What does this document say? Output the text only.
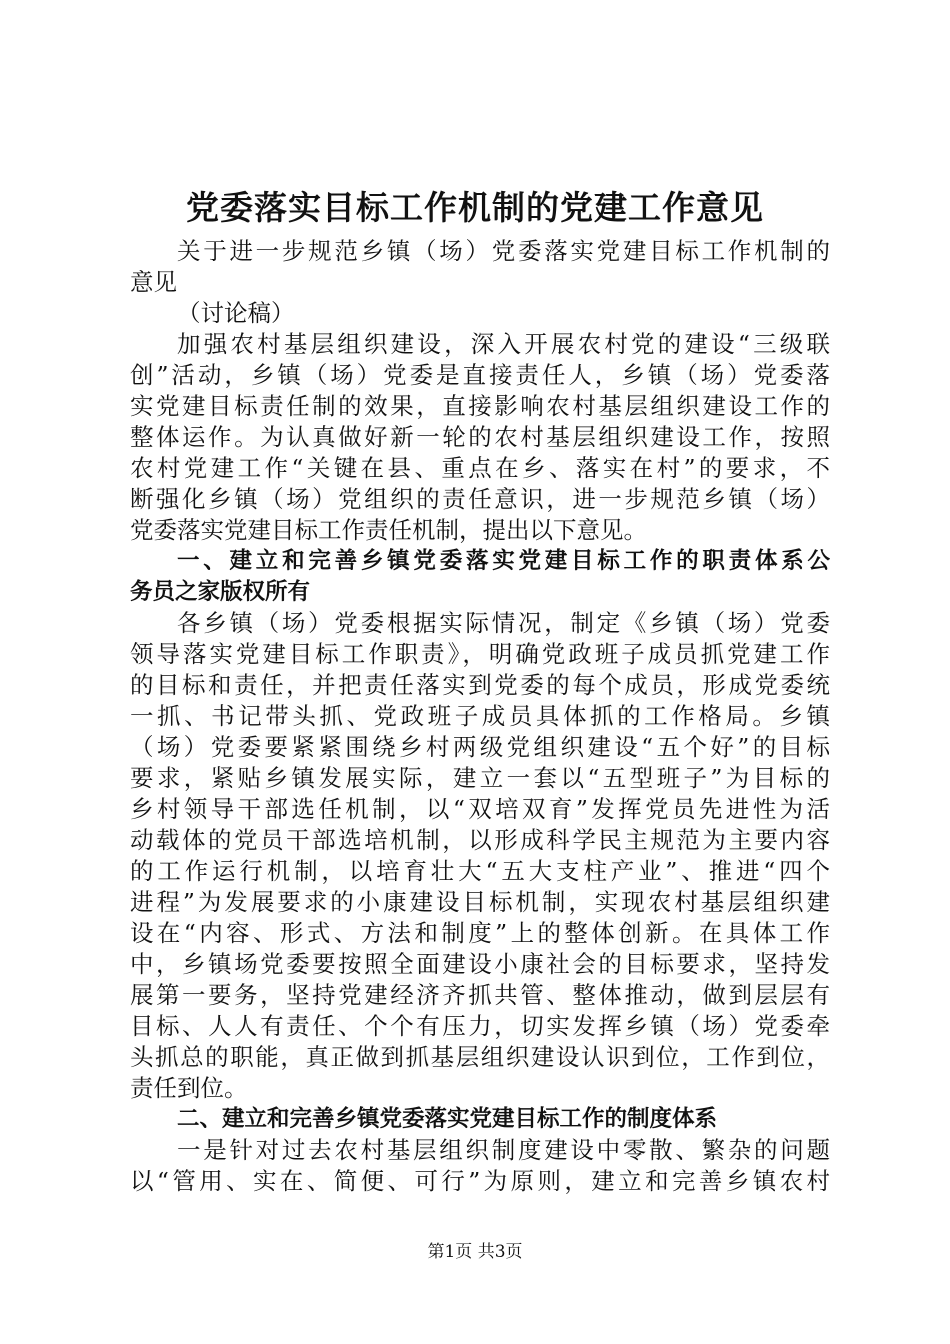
党委落实目标工作机制的党建工作意见
关于进一步规范乡镇（场）党委落实党建目标工作机制的
意见
（讨论稿）
加强农村基层组织建设，深入开展农村党的建设“三级联
创”活动，乡镇（场）党委是直接责任人，乡镇（场）党委落
实党建目标责任制的效果，直接影响农村基层组织建设工作的
整体运作。为认真做好新一轮的农村基层组织建设工作，按照
农村党建工作“关键在县、重点在乡、落实在村”的要求，不
断强化乡镇（场）党组织的责任意识，进一步规范乡镇（场）
党委落实党建目标工作责任机制，提出以下意见。
一、建立和完善乡镇党委落实党建目标工作的职责体系公
务员之家版权所有
各乡镇（场）党委根据实际情况，制定《乡镇（场）党委
领导落实党建目标工作职责》，明确党政班子成员抓党建工作
的目标和责任，并把责任落实到党委的每个成员，形成党委统
一抓、书记带头抓、党政班子成员具体抓的工作格局。乡镇
（场）党委要紧紧围绕乡村两级党组织建设“五个好”的目标
要求，紧贴乡镇发展实际，建立一套以“五型班子”为目标的
乡村领导干部选任机制，以“双培双育”发挥党员先进性为活
动载体的党员干部选培机制，以形成科学民主规范为主要内容
的工作运行机制，以培育壮大“五大支柱产业”、推进“四个
进程”为发展要求的小康建设目标机制，实现农村基层组织建
设在“内容、形式、方法和制度”上的整体创新。在具体工作
中，乡镇场党委要按照全面建设小康社会的目标要求，坚持发
展第一要务，坚持党建经济齐抓共管、整体推动，做到层层有
目标、人人有责任、个个有压力，切实发挥乡镇（场）党委牵
头抓总的职能，真正做到抓基层组织建设认识到位，工作到位，
责任到位。
二、建立和完善乡镇党委落实党建目标工作的制度体系
一是针对过去农村基层组织制度建设中零散、繁杂的问题
以“管用、实在、简便、可行”为原则，建立和完善乡镇农村
第1页 共3页
